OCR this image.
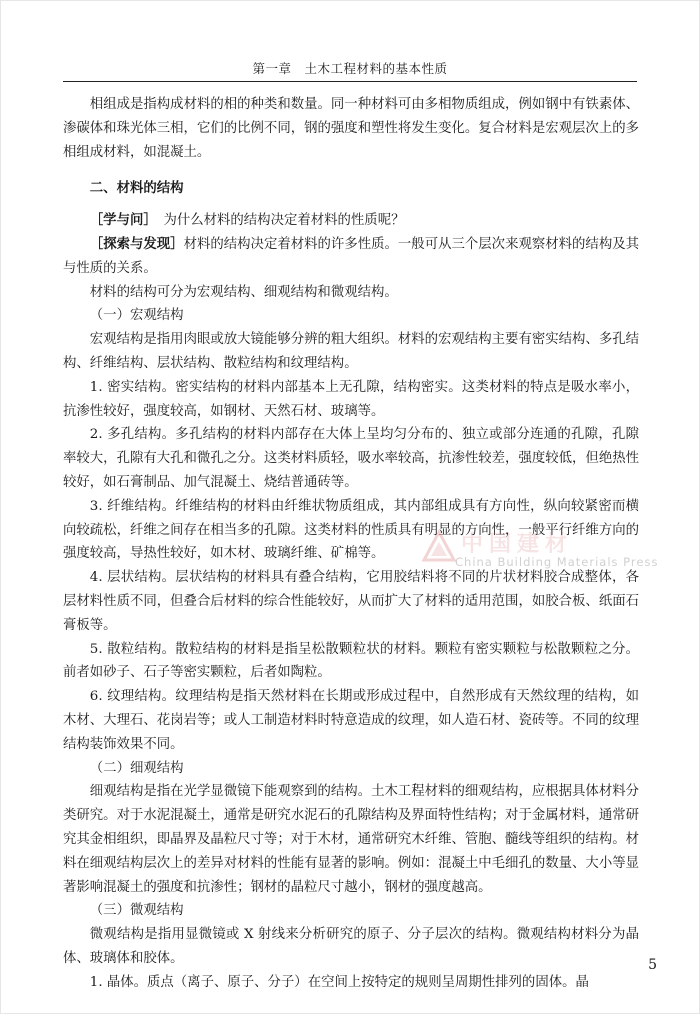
第一章　土木工程材料的基本性质

相组成是指构成材料的相的种类和数量。同一种材料可由多相物质组成，例如钢中有铁素体、渗碳体和珠光体三相，它们的比例不同，钢的强度和塑性将发生变化。复合材料是宏观层次上的多相组成材料，如混凝土。

二、材料的结构

［学与问］　为什么材料的结构决定着材料的性质呢？

［探索与发现］材料的结构决定着材料的许多性质。一般可从三个层次来观察材料的结构及其与性质的关系。

材料的结构可分为宏观结构、细观结构和微观结构。

（一）宏观结构

宏观结构是指用肉眼或放大镜能够分辨的粗大组织。材料的宏观结构主要有密实结构、多孔结构、纤维结构、层状结构、散粒结构和纹理结构。

1. 密实结构。密实结构的材料内部基本上无孔隙，结构密实。这类材料的特点是吸水率小，抗渗性较好，强度较高，如钢材、天然石材、玻璃等。

2. 多孔结构。多孔结构的材料内部存在大体上呈均匀分布的、独立或部分连通的孔隙，孔隙率较大，孔隙有大孔和微孔之分。这类材料质轻，吸水率较高，抗渗性较差，强度较低，但绝热性较好，如石膏制品、加气混凝土、烧结普通砖等。

3. 纤维结构。纤维结构的材料由纤维状物质组成，其内部组成具有方向性，纵向较紧密而横向较疏松，纤维之间存在相当多的孔隙。这类材料的性质具有明显的方向性，一般平行纤维方向的强度较高，导热性较好，如木材、玻璃纤维、矿棉等。

4. 层状结构。层状结构的材料具有叠合结构，它用胶结料将不同的片状材料胶合成整体，各层材料性质不同，但叠合后材料的综合性能较好，从而扩大了材料的适用范围，如胶合板、纸面石膏板等。

5. 散粒结构。散粒结构的材料是指呈松散颗粒状的材料。颗粒有密实颗粒与松散颗粒之分。前者如砂子、石子等密实颗粒，后者如陶粒。

6. 纹理结构。纹理结构是指天然材料在长期或形成过程中，自然形成有天然纹理的结构，如木材、大理石、花岗岩等；或人工制造材料时特意造成的纹理，如人造石材、瓷砖等。不同的纹理结构装饰效果不同。

（二）细观结构

细观结构是指在光学显微镜下能观察到的结构。土木工程材料的细观结构，应根据具体材料分类研究。对于水泥混凝土，通常是研究水泥石的孔隙结构及界面特性结构；对于金属材料，通常研究其金相组织，即晶界及晶粒尺寸等；对于木材，通常研究木纤维、管胞、髓线等组织的结构。材料在细观结构层次上的差异对材料的性能有显著的影响。例如：混凝土中毛细孔的数量、大小等显著影响混凝土的强度和抗渗性；钢材的晶粒尺寸越小，钢材的强度越高。

（三）微观结构

微观结构是指用显微镜或 X 射线来分析研究的原子、分子层次的结构。微观结构材料分为晶体、玻璃体和胶体。

1. 晶体。质点（离子、原子、分子）在空间上按特定的规则呈周期性排列的固体。晶

中国建材
China Building Materials Press
5
